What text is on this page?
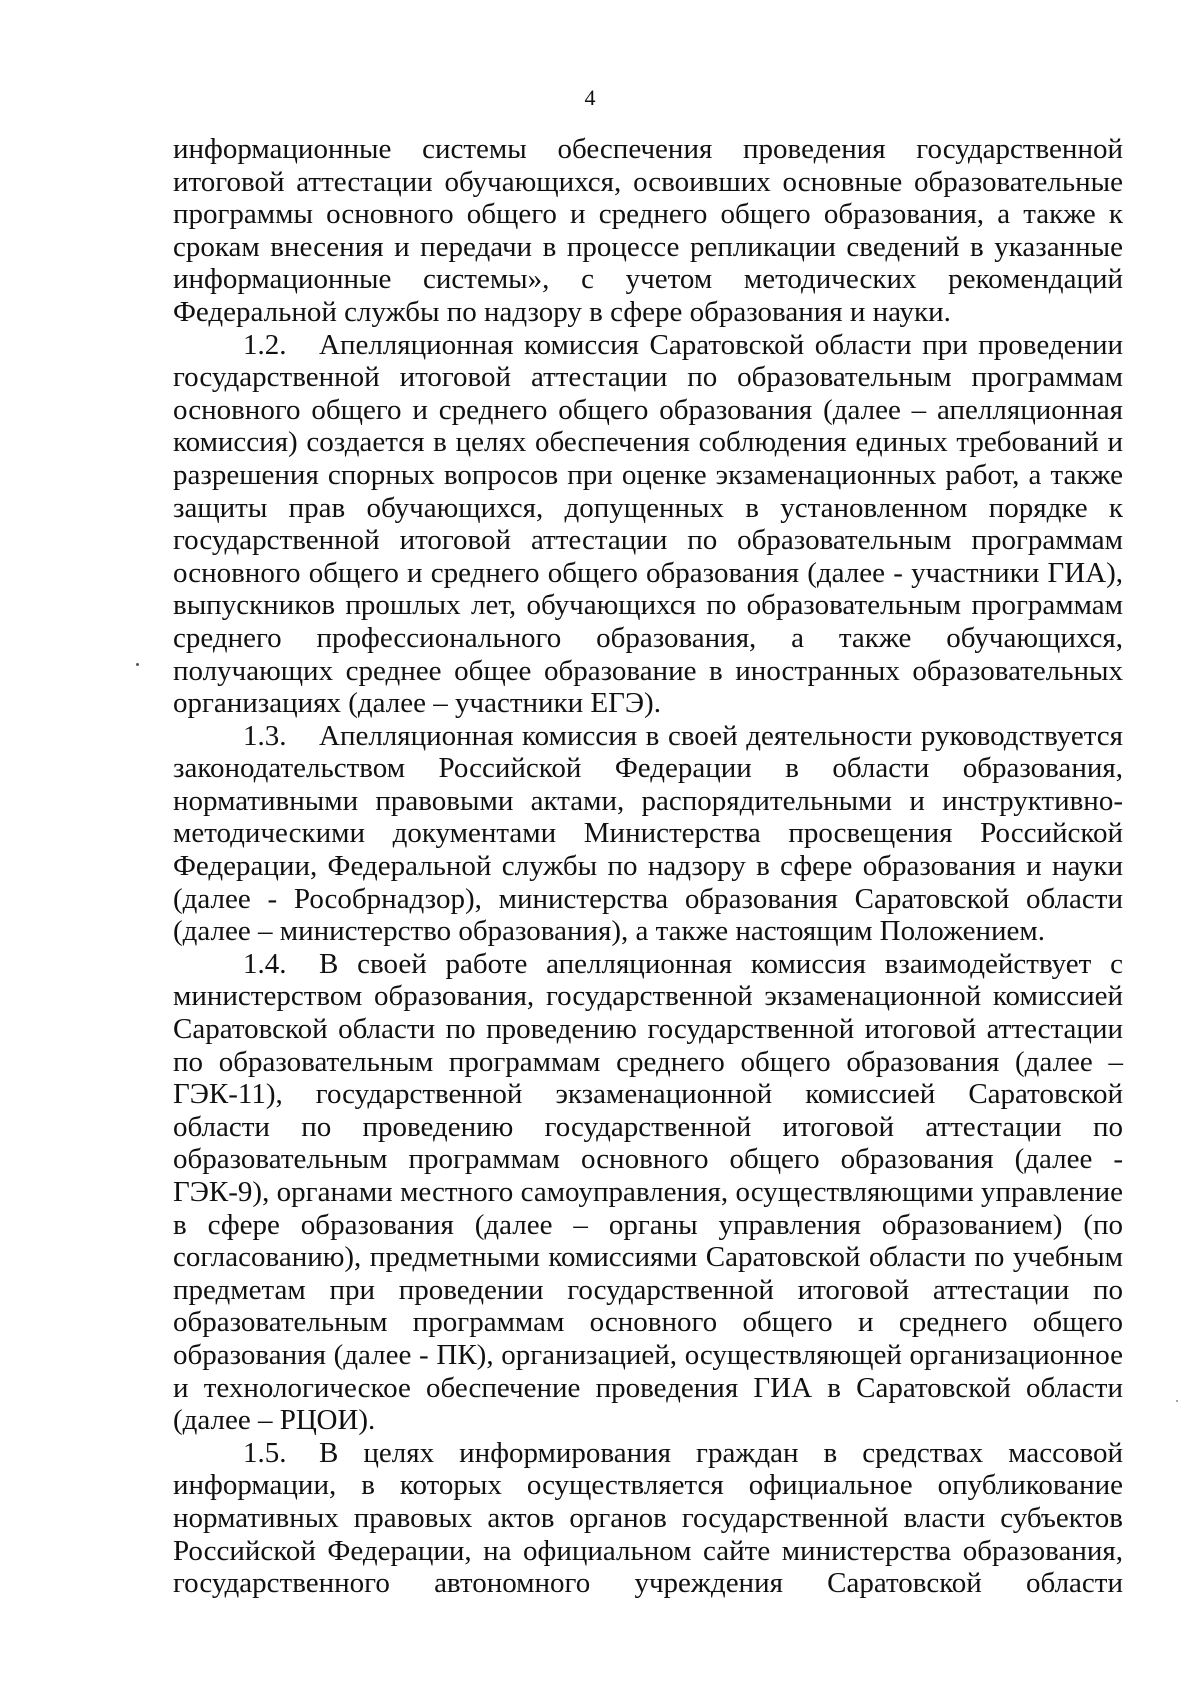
4

информационные системы обеспечения проведения государственной итоговой аттестации обучающихся, освоивших основные образовательные программы основного общего и среднего общего образования, а также к срокам внесения и передачи в процессе репликации сведений в указанные информационные системы», с учетом методических рекомендаций Федеральной службы по надзору в сфере образования и науки.

1.2. Апелляционная комиссия Саратовской области при проведении государственной итоговой аттестации по образовательным программам основного общего и среднего общего образования (далее – апелляционная комиссия) создается в целях обеспечения соблюдения единых требований и разрешения спорных вопросов при оценке экзаменационных работ, а также защиты прав обучающихся, допущенных в установленном порядке к государственной итоговой аттестации по образовательным программам основного общего и среднего общего образования (далее - участники ГИА), выпускников прошлых лет, обучающихся по образовательным программам среднего профессионального образования, а также обучающихся, получающих среднее общее образование в иностранных образовательных организациях (далее – участники ЕГЭ).

1.3. Апелляционная комиссия в своей деятельности руководствуется законодательством Российской Федерации в области образования, нормативными правовыми актами, распорядительными и инструктивно-методическими документами Министерства просвещения Российской Федерации, Федеральной службы по надзору в сфере образования и науки (далее - Рособрнадзор), министерства образования Саратовской области (далее – министерство образования), а также настоящим Положением.

1.4. В своей работе апелляционная комиссия взаимодействует с министерством образования, государственной экзаменационной комиссией Саратовской области по проведению государственной итоговой аттестации по образовательным программам среднего общего образования (далее – ГЭК-11), государственной экзаменационной комиссией Саратовской области по проведению государственной итоговой аттестации по образовательным программам основного общего образования (далее - ГЭК-9), органами местного самоуправления, осуществляющими управление в сфере образования (далее – органы управления образованием) (по согласованию), предметными комиссиями Саратовской области по учебным предметам при проведении государственной итоговой аттестации по образовательным программам основного общего и среднего общего образования (далее - ПК), организацией, осуществляющей организационное и технологическое обеспечение проведения ГИА в Саратовской области (далее – РЦОИ).

1.5. В целях информирования граждан в средствах массовой информации, в которых осуществляется официальное опубликование нормативных правовых актов органов государственной власти субъектов Российской Федерации, на официальном сайте министерства образования, государственного автономного учреждения Саратовской области
